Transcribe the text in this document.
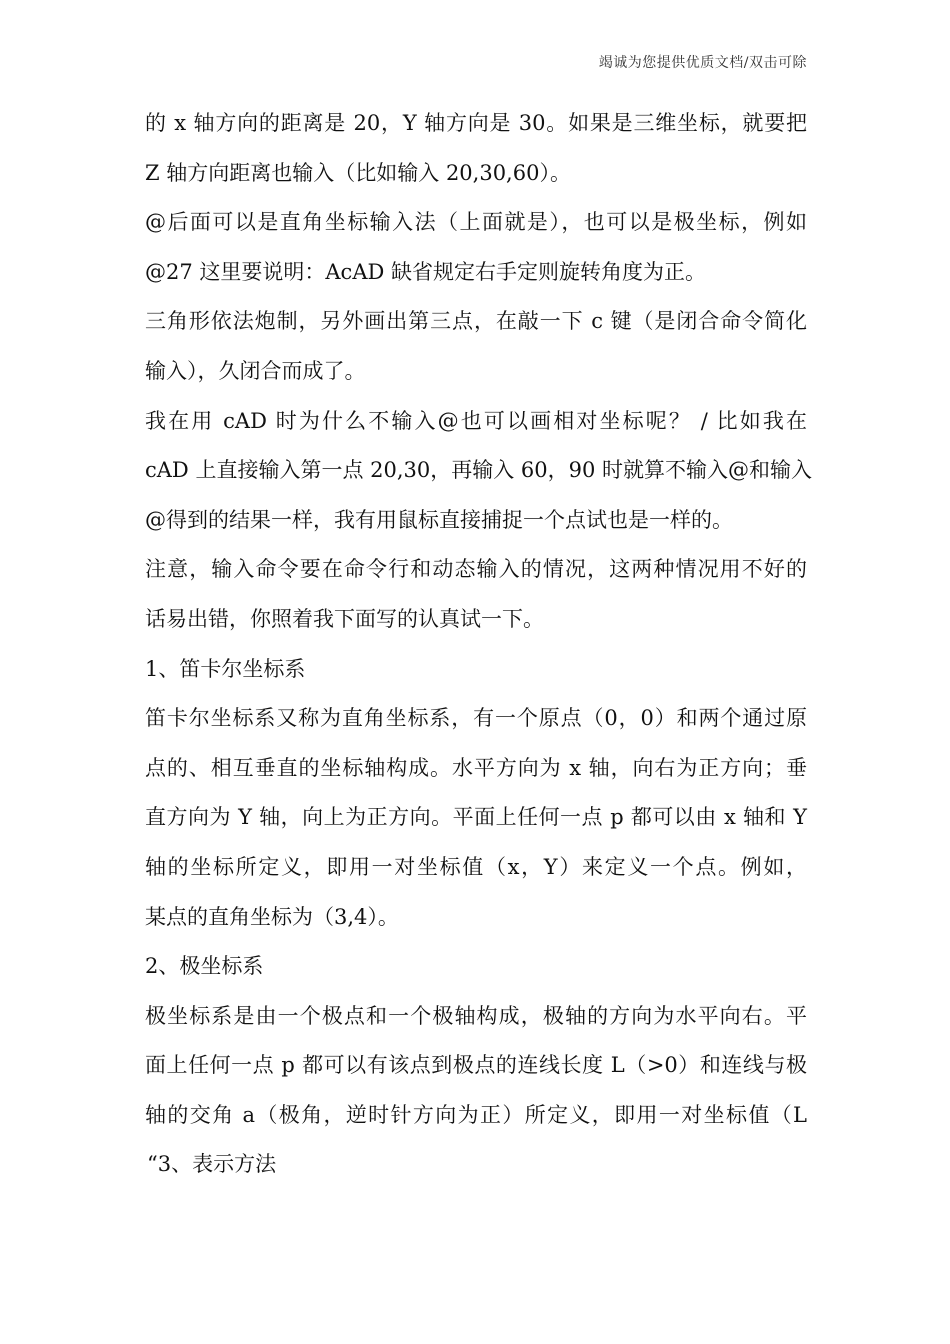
竭诚为您提供优质文档/双击可除
的 x 轴方向的距离是 20，Y 轴方向是 30。如果是三维坐标，就要把
Z 轴方向距离也输入（比如输入 20,30,60）。
@后面可以是直角坐标输入法（上面就是），也可以是极坐标，例如
@27 这里要说明：AcAD 缺省规定右手定则旋转角度为正。
三角形依法炮制，另外画出第三点，在敲一下 c 键（是闭合命令简化
输入），久闭合而成了。
我在用 cAD 时为什么不输入@也可以画相对坐标呢？ / 比如我在
cAD 上直接输入第一点 20,30，再输入 60，90 时就算不输入@和输入
@得到的结果一样，我有用鼠标直接捕捉一个点试也是一样的。
注意，输入命令要在命令行和动态输入的情况，这两种情况用不好的
话易出错，你照着我下面写的认真试一下。
1、笛卡尔坐标系
笛卡尔坐标系又称为直角坐标系，有一个原点（0，0）和两个通过原
点的、相互垂直的坐标轴构成。水平方向为 x 轴，向右为正方向；垂
直方向为 Y 轴，向上为正方向。平面上任何一点 p 都可以由 x 轴和 Y
轴的坐标所定义，即用一对坐标值（x，Y）来定义一个点。例如，
某点的直角坐标为（3,4）。
2、极坐标系
极坐标系是由一个极点和一个极轴构成，极轴的方向为水平向右。平
面上任何一点 p 都可以有该点到极点的连线长度 L（>0）和连线与极
轴的交角 a（极角，逆时针方向为正）所定义，即用一对坐标值（L
“3、表示方法
